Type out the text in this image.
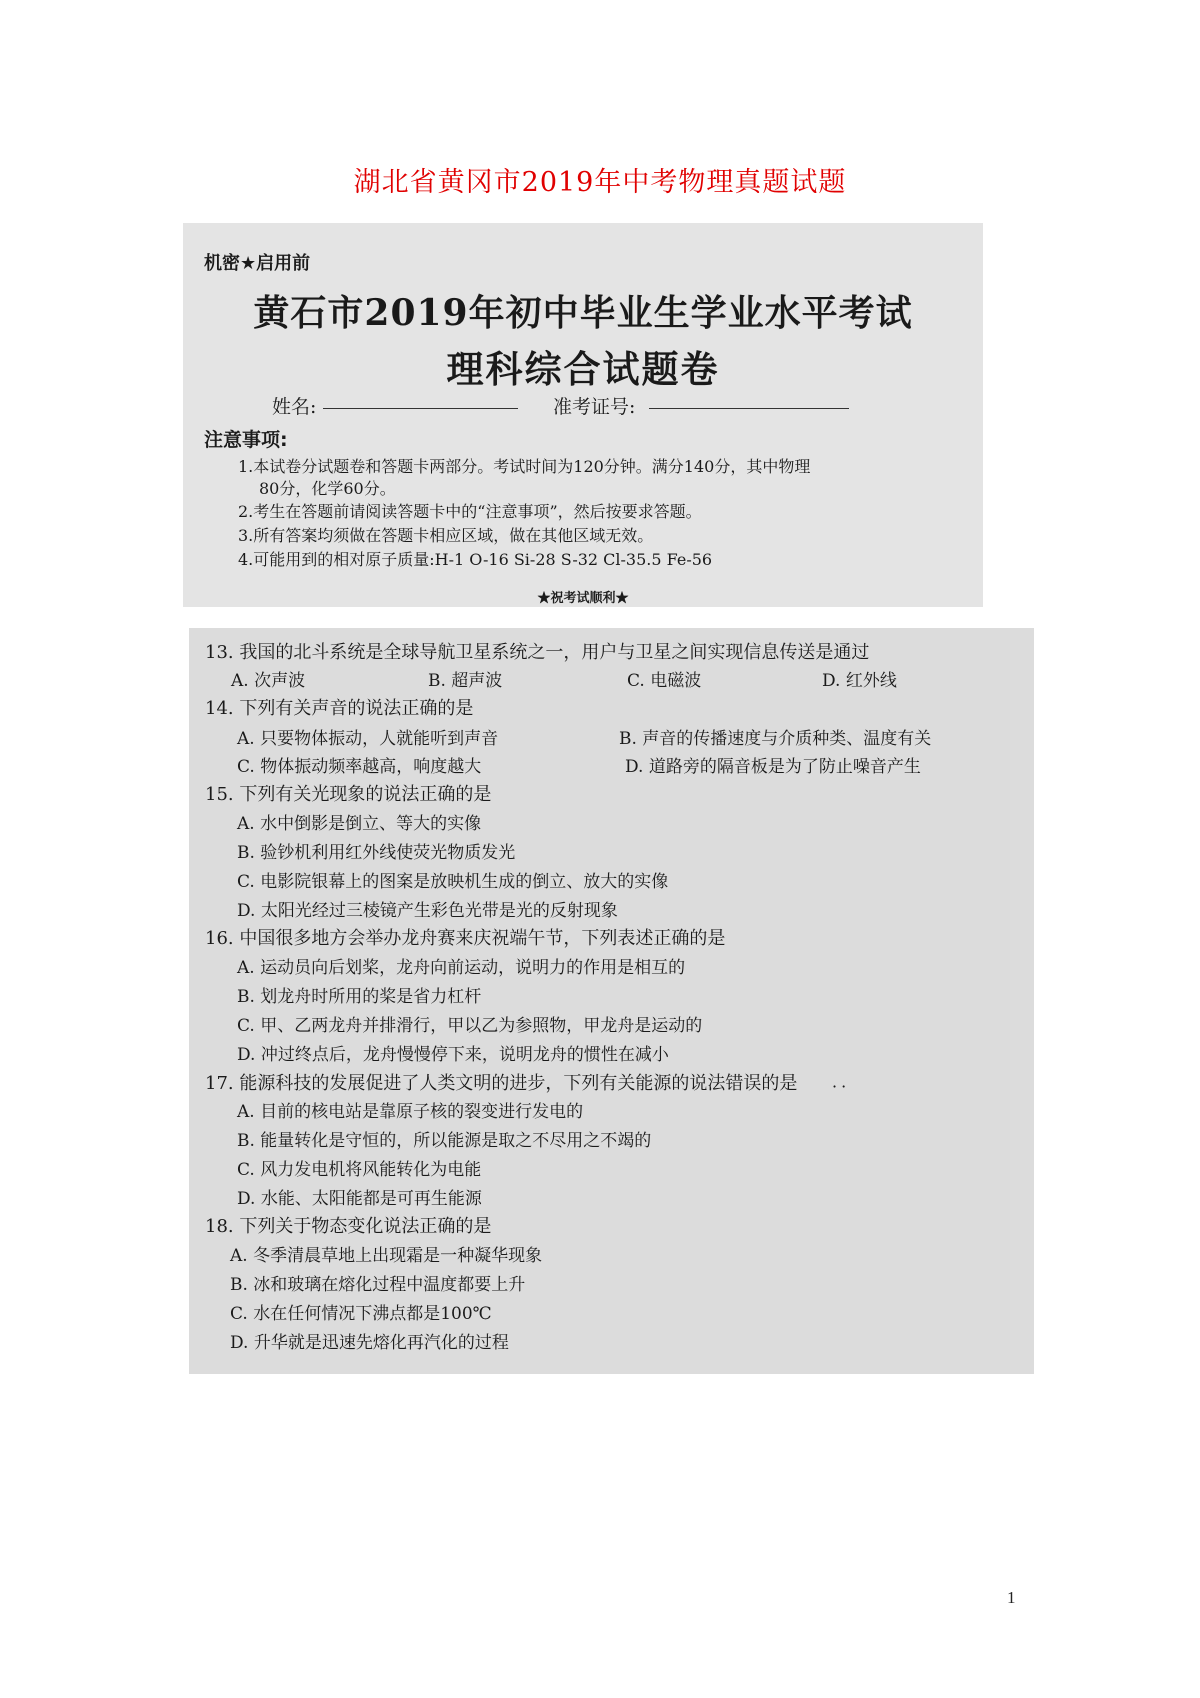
湖北省黄冈市2019年中考物理真题试题
机密★启用前
黄石市2019年初中毕业生学业水平考试
理科综合试题卷
姓名:	准考证号:
注意事项:
1.本试卷分试题卷和答题卡两部分。考试时间为120分钟。满分140分，其中物理
80分，化学60分。
2.考生在答题前请阅读答题卡中的“注意事项”，然后按要求答题。
3.所有答案均须做在答题卡相应区域，做在其他区域无效。
4.可能用到的相对原子质量:H-1 O-16 Si-28 S-32 Cl-35.5 Fe-56
★祝考试顺利★
13. 我国的北斗系统是全球导航卫星系统之一，用户与卫星之间实现信息传送是通过
A. 次声波	B. 超声波	C. 电磁波	D. 红外线
14. 下列有关声音的说法正确的是
A. 只要物体振动，人就能听到声音	B. 声音的传播速度与介质种类、温度有关
C. 物体振动频率越高，响度越大	D. 道路旁的隔音板是为了防止噪音产生
15. 下列有关光现象的说法正确的是
A. 水中倒影是倒立、等大的实像
B. 验钞机利用红外线使荧光物质发光
C. 电影院银幕上的图案是放映机生成的倒立、放大的实像
D. 太阳光经过三棱镜产生彩色光带是光的反射现象
16. 中国很多地方会举办龙舟赛来庆祝端午节，下列表述正确的是
A. 运动员向后划桨，龙舟向前运动，说明力的作用是相互的
B. 划龙舟时所用的桨是省力杠杆
C. 甲、乙两龙舟并排滑行，甲以乙为参照物，甲龙舟是运动的
D. 冲过终点后，龙舟慢慢停下来，说明龙舟的惯性在减小
17. 能源科技的发展促进了人类文明的进步，下列有关能源的说法错误的是 ··
A. 目前的核电站是靠原子核的裂变进行发电的
B. 能量转化是守恒的，所以能源是取之不尽用之不竭的
C. 风力发电机将风能转化为电能
D. 水能、太阳能都是可再生能源
18. 下列关于物态变化说法正确的是
A. 冬季清晨草地上出现霜是一种凝华现象
B. 冰和玻璃在熔化过程中温度都要上升
C. 水在任何情况下沸点都是100℃
D. 升华就是迅速先熔化再汽化的过程
1
